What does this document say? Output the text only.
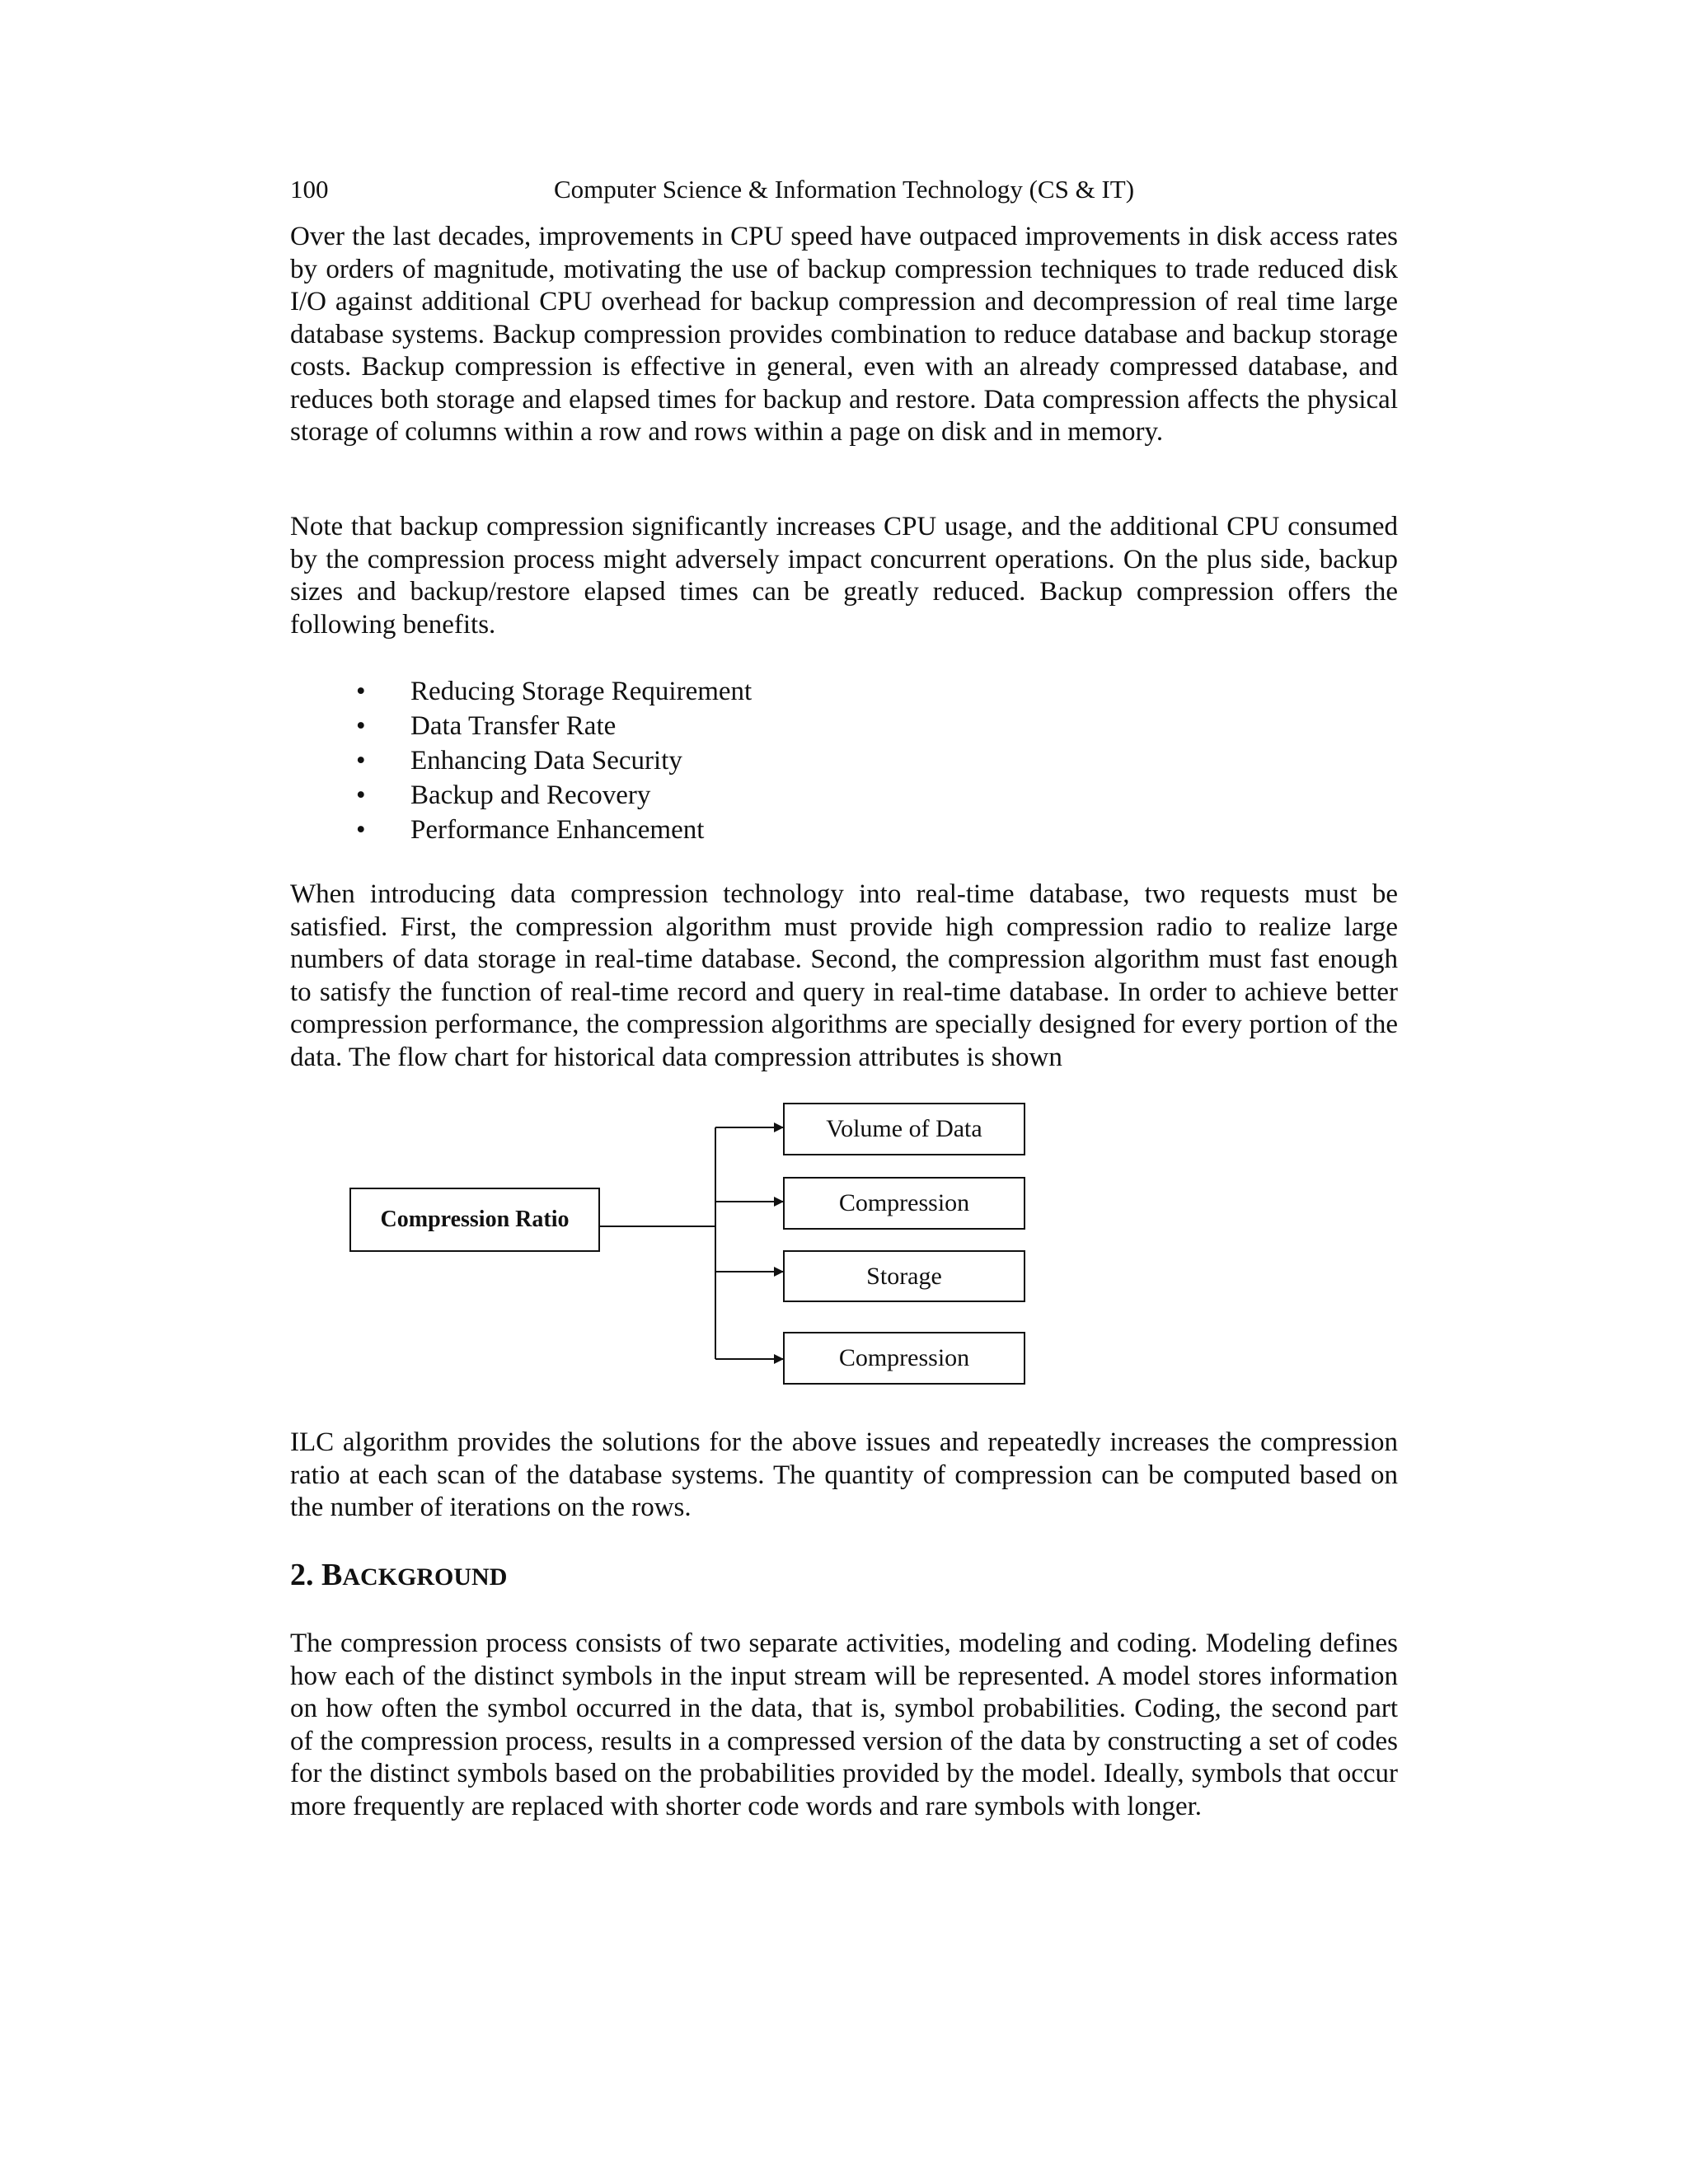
100	Computer Science & Information Technology (CS & IT)

Over the last decades, improvements in CPU speed have outpaced improvements in disk access rates by orders of magnitude, motivating the use of backup compression techniques to trade reduced disk I/O against additional CPU overhead for backup compression and decompression of real time large database systems. Backup compression provides combination to reduce database and backup storage costs. Backup compression is effective in general, even with an already compressed database, and reduces both storage and elapsed times for backup and restore. Data compression affects the physical storage of columns within a row and rows within a page on disk and in memory.

Note that backup compression significantly increases CPU usage, and the additional CPU consumed by the compression process might adversely impact concurrent operations. On the plus side, backup sizes and backup/restore elapsed times can be greatly reduced. Backup compression offers the following benefits.

• Reducing Storage Requirement
• Data Transfer Rate
• Enhancing Data Security
• Backup and Recovery
• Performance Enhancement

When introducing data compression technology into real-time database, two requests must be satisfied. First, the compression algorithm must provide high compression radio to realize large numbers of data storage in real-time database. Second, the compression algorithm must fast enough to satisfy the function of real-time record and query in real-time database. In order to achieve better compression performance, the compression algorithms are specially designed for every portion of the data. The flow chart for historical data compression attributes is shown

Compression Ratio
Volume of Data
Compression
Storage
Compression

ILC algorithm provides the solutions for the above issues and repeatedly increases the compression ratio at each scan of the database systems. The quantity of compression can be computed based on the number of iterations on the rows.

2. BACKGROUND

The compression process consists of two separate activities, modeling and coding. Modeling defines how each of the distinct symbols in the input stream will be represented. A model stores information on how often the symbol occurred in the data, that is, symbol probabilities. Coding, the second part of the compression process, results in a compressed version of the data by constructing a set of codes for the distinct symbols based on the probabilities provided by the model. Ideally, symbols that occur more frequently are replaced with shorter code words and rare symbols with longer.
